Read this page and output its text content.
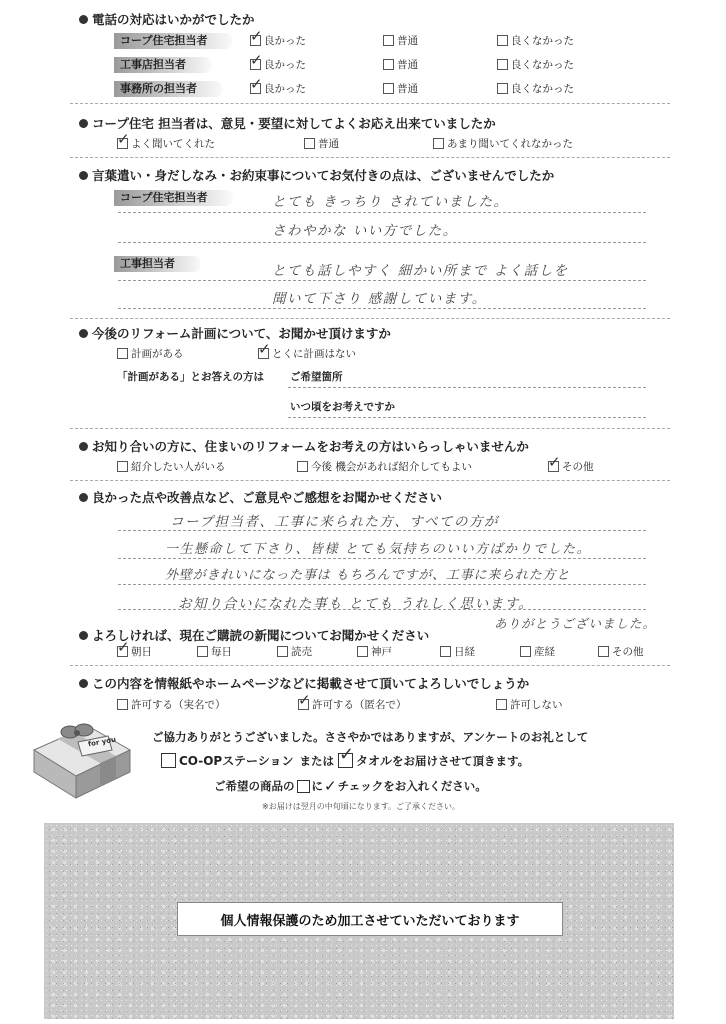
電話の対応はいかがでしたか
コープ住宅担当者	✓ 良かった	普通	良くなかった
工事店担当者	✓ 良かった	普通	良くなかった
事務所の担当者	✓ 良かった	普通	良くなかった
コープ住宅 担当者は、意見・要望に対してよくお応え出来ていましたか
✓ よく聞いてくれた	普通	あまり聞いてくれなかった
言葉遣い・身だしなみ・お約束事についてお気付きの点は、ございませんでしたか
コープ住宅担当者	とても きっちり されていました。
さわやかな いい方でした。
工事担当者	とても話しやすく 細かい所まで よく話しを
聞いて下さり 感謝しています。
今後のリフォーム計画について、お聞かせ頂けますか
計画がある	✓ とくに計画はない
「計画がある」とお答えの方は ご希望箇所
いつ頃をお考えですか
お知り合いの方に、住まいのリフォームをお考えの方はいらっしゃいませんか
紹介したい人がいる	今後 機会があれば紹介してもよい	✓ その他
良かった点や改善点など、ご意見やご感想をお聞かせください
コープ担当者、工事に来られた方、すべての方が
一生懸命して下さり、皆様 とても気持ちのいい方ばかりでした。
外壁がきれいになった事は もちろんですが、工事に来られた方と
お知り合いになれた事も とても うれしく思います。
ありがとうございました。
よろしければ、現在ご購読の新聞についてお聞かせください
✓ 朝日	毎日	読売	神戸	日経	産経	その他
この内容を情報紙やホームページなどに掲載させて頂いてよろしいでしょうか
許可する（実名で）	✓ 許可する（匿名で）	許可しない
for you	ご協力ありがとうございました。ささやかではありますが、アンケートのお礼として
CO-OPステーション または ✓ タオル をお届けさせて頂きます。
ご希望の商品の に ✓ チェックをお入れください。
※お届けは翌月の中旬頃になります。ご了承ください。
個人情報保護のため加工させていただいております
